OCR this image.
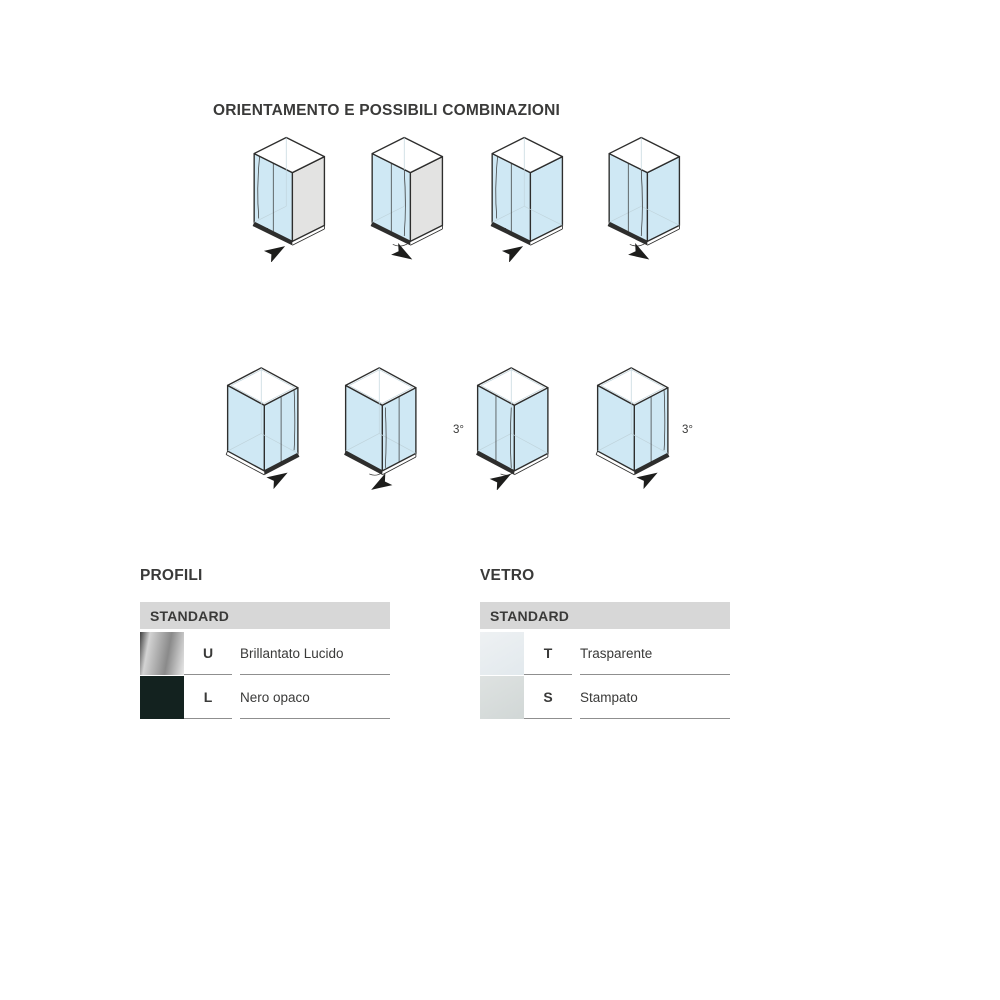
ORIENTAMENTO E POSSIBILI COMBINAZIONI
3°	3°
PROFILI
STANDARD
U	Brillantato Lucido
L	Nero opaco
VETRO
STANDARD
T	Trasparente
S	Stampato
